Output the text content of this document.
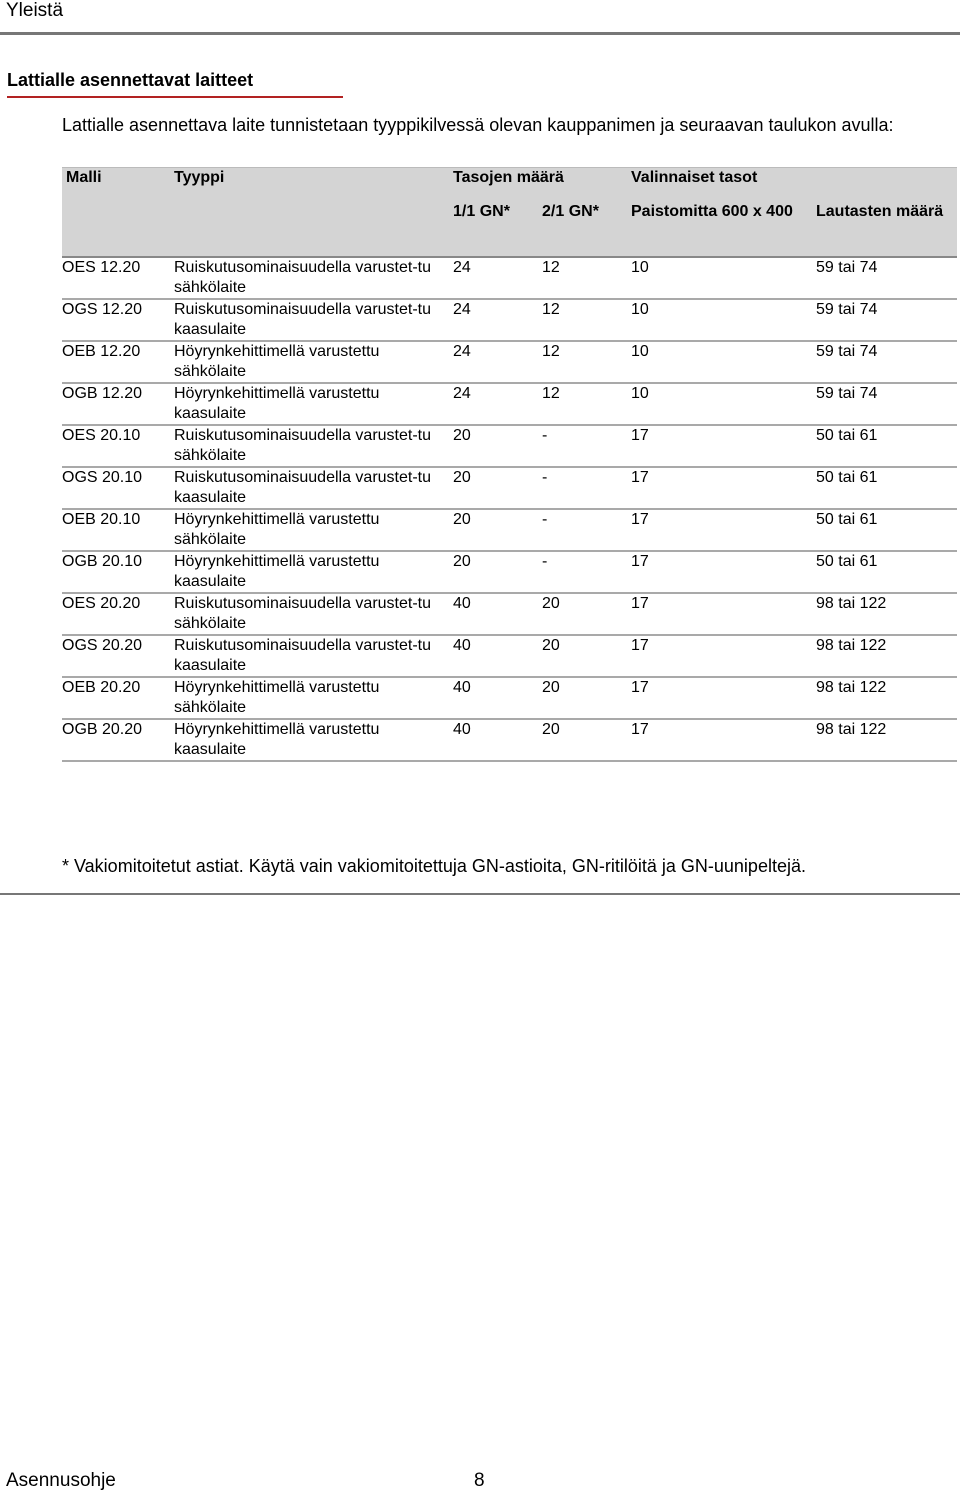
Yleistä
Lattialle asennettavat laitteet
Lattialle asennettava laite tunnistetaan tyyppikilvessä olevan kauppanimen ja seuraavan taulukon avulla:
Malli	Tyyppi	Tasojen määrä		Valinnaiset tasot	
		1/1 GN*	2/1 GN*	Paistomitta 600 x 400	Lautasten määrä
OES 12.20	Ruiskutusominaisuudella varustet-tu sähkölaite	24	12	10	59 tai 74
OGS 12.20	Ruiskutusominaisuudella varustet-tu kaasulaite	24	12	10	59 tai 74
OEB 12.20	Höyrynkehittimellä varustettu sähkölaite	24	12	10	59 tai 74
OGB 12.20	Höyrynkehittimellä varustettu kaasulaite	24	12	10	59 tai 74
OES 20.10	Ruiskutusominaisuudella varustet-tu sähkölaite	20	-	17	50 tai 61
OGS 20.10	Ruiskutusominaisuudella varustet-tu kaasulaite	20	-	17	50 tai 61
OEB 20.10	Höyrynkehittimellä varustettu sähkölaite	20	-	17	50 tai 61
OGB 20.10	Höyrynkehittimellä varustettu kaasulaite	20	-	17	50 tai 61
OES 20.20	Ruiskutusominaisuudella varustet-tu sähkölaite	40	20	17	98 tai 122
OGS 20.20	Ruiskutusominaisuudella varustet-tu kaasulaite	40	20	17	98 tai 122
OEB 20.20	Höyrynkehittimellä varustettu sähkölaite	40	20	17	98 tai 122
OGB 20.20	Höyrynkehittimellä varustettu kaasulaite	40	20	17	98 tai 122
* Vakiomitoitetut astiat. Käytä vain vakiomitoitettuja GN-astioita, GN-ritilöitä ja GN-uunipeltejä.
Asennusohje	8
